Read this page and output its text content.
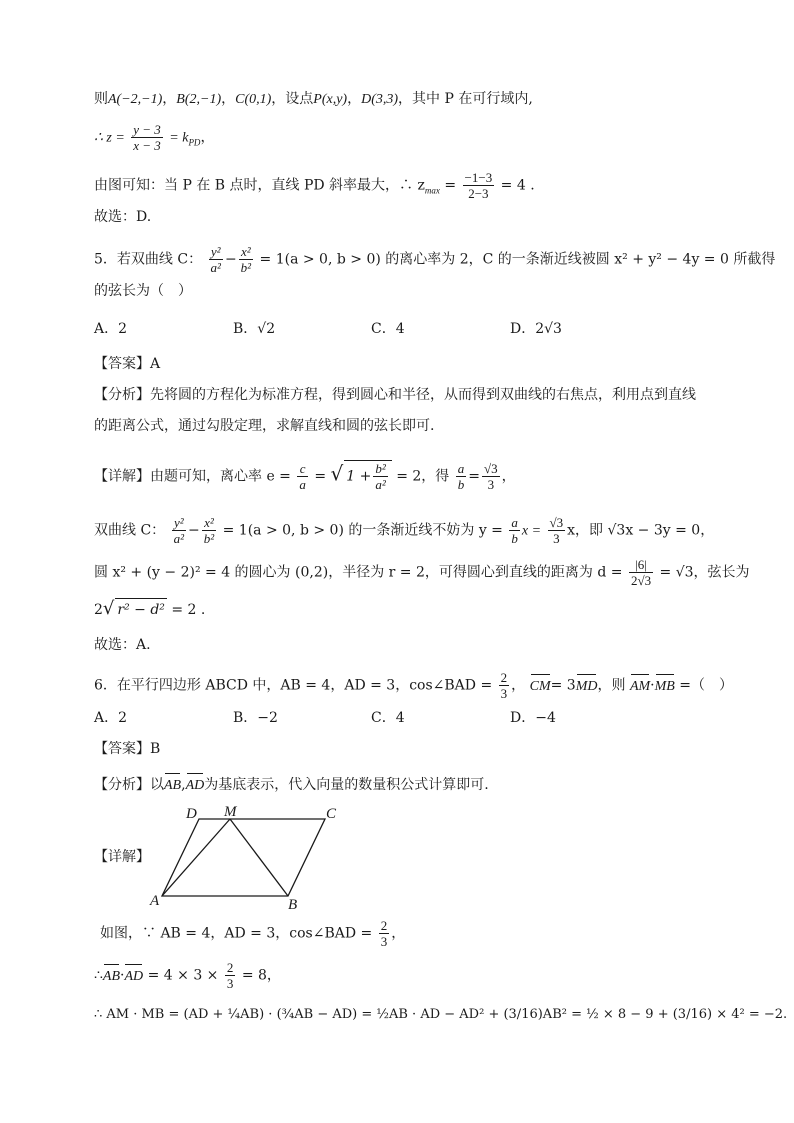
则A(−2,−1)，B(2,−1)，C(0,1)，设点P(x,y)，D(3,3)，其中 P 在可行域内,
∴ $z = \frac{y - 3}{x - 3} = k_{PD}$，
由图可知：当 P 在 B 点时，直线 PD 斜率最大，∴ $z_{max} = \frac{-1-3}{2-3} = 4$ .
故选：D.
5．若双曲线 C： $\frac{\text{y²}}{\text{a²}} - \frac{\text{x²}}{\text{b²}} = 1(a > 0$, b > 0) 的离心率为 2，C 的一条渐近线被圆 x² + y² − 4y = 0 所截得
的弦长为（　）
A．2	B．√2	C．4	D．2√3
【答案】A
【分析】先将圆的方程化为标准方程，得到圆心和半径，从而得到双曲线的右焦点，利用点到直线
的距离公式，通过勾股定理，求解直线和圆的弦长即可.
【详解】由题可知，离心率 $e = \frac{c}{a}$ = √ $1 + \frac{\text{b²}}{\text{a²}} = 2$，得 $\frac{a}{b} = \frac{√3}{3}$ ，
双曲线 C： $\frac{\text{y²}}{\text{a²}} - \frac{\text{x²}}{\text{b²}} = 1(a > 0$, b > 0) 的一条渐近线不妨为 $y = \frac{a}{b}$ $x = \frac{√3}{3}$ x，即 √3x − 3y = 0，
圆 x² + (y − 2)² = 4 的圆心为 (0,2)，半径为 r = 2，可得圆心到直线的距离为 $d = \frac{|6|}{2√3} = √3$，弦长为
2√ r² − d² = 2 .
故选：A.
6．在平行四边形 ABCD 中，AB = 4，AD = 3，cos∠BAD = $\frac{2}{3}$ ， CM= 3MD，则 AM·MB =（　）
A．2	B．−2	C．4	D．−4
【答案】B
【分析】以AB,AD为基底表示，代入向量的数量积公式计算即可.
【详解】
A	B
C
D M
如图，∵ AB = 4，AD = 3，cos∠BAD = $\frac{2}{3}$ ，
∴AB·AD = $4 \times 3 \times \frac{2}{3} = 8$，
∴ AM · MB = (AD + ¼AB) · (¾AB − AD) = ½AB · AD − AD² + (3/16)AB² = ½ × 8 − 9 + (3/16) × 4² = −2.
